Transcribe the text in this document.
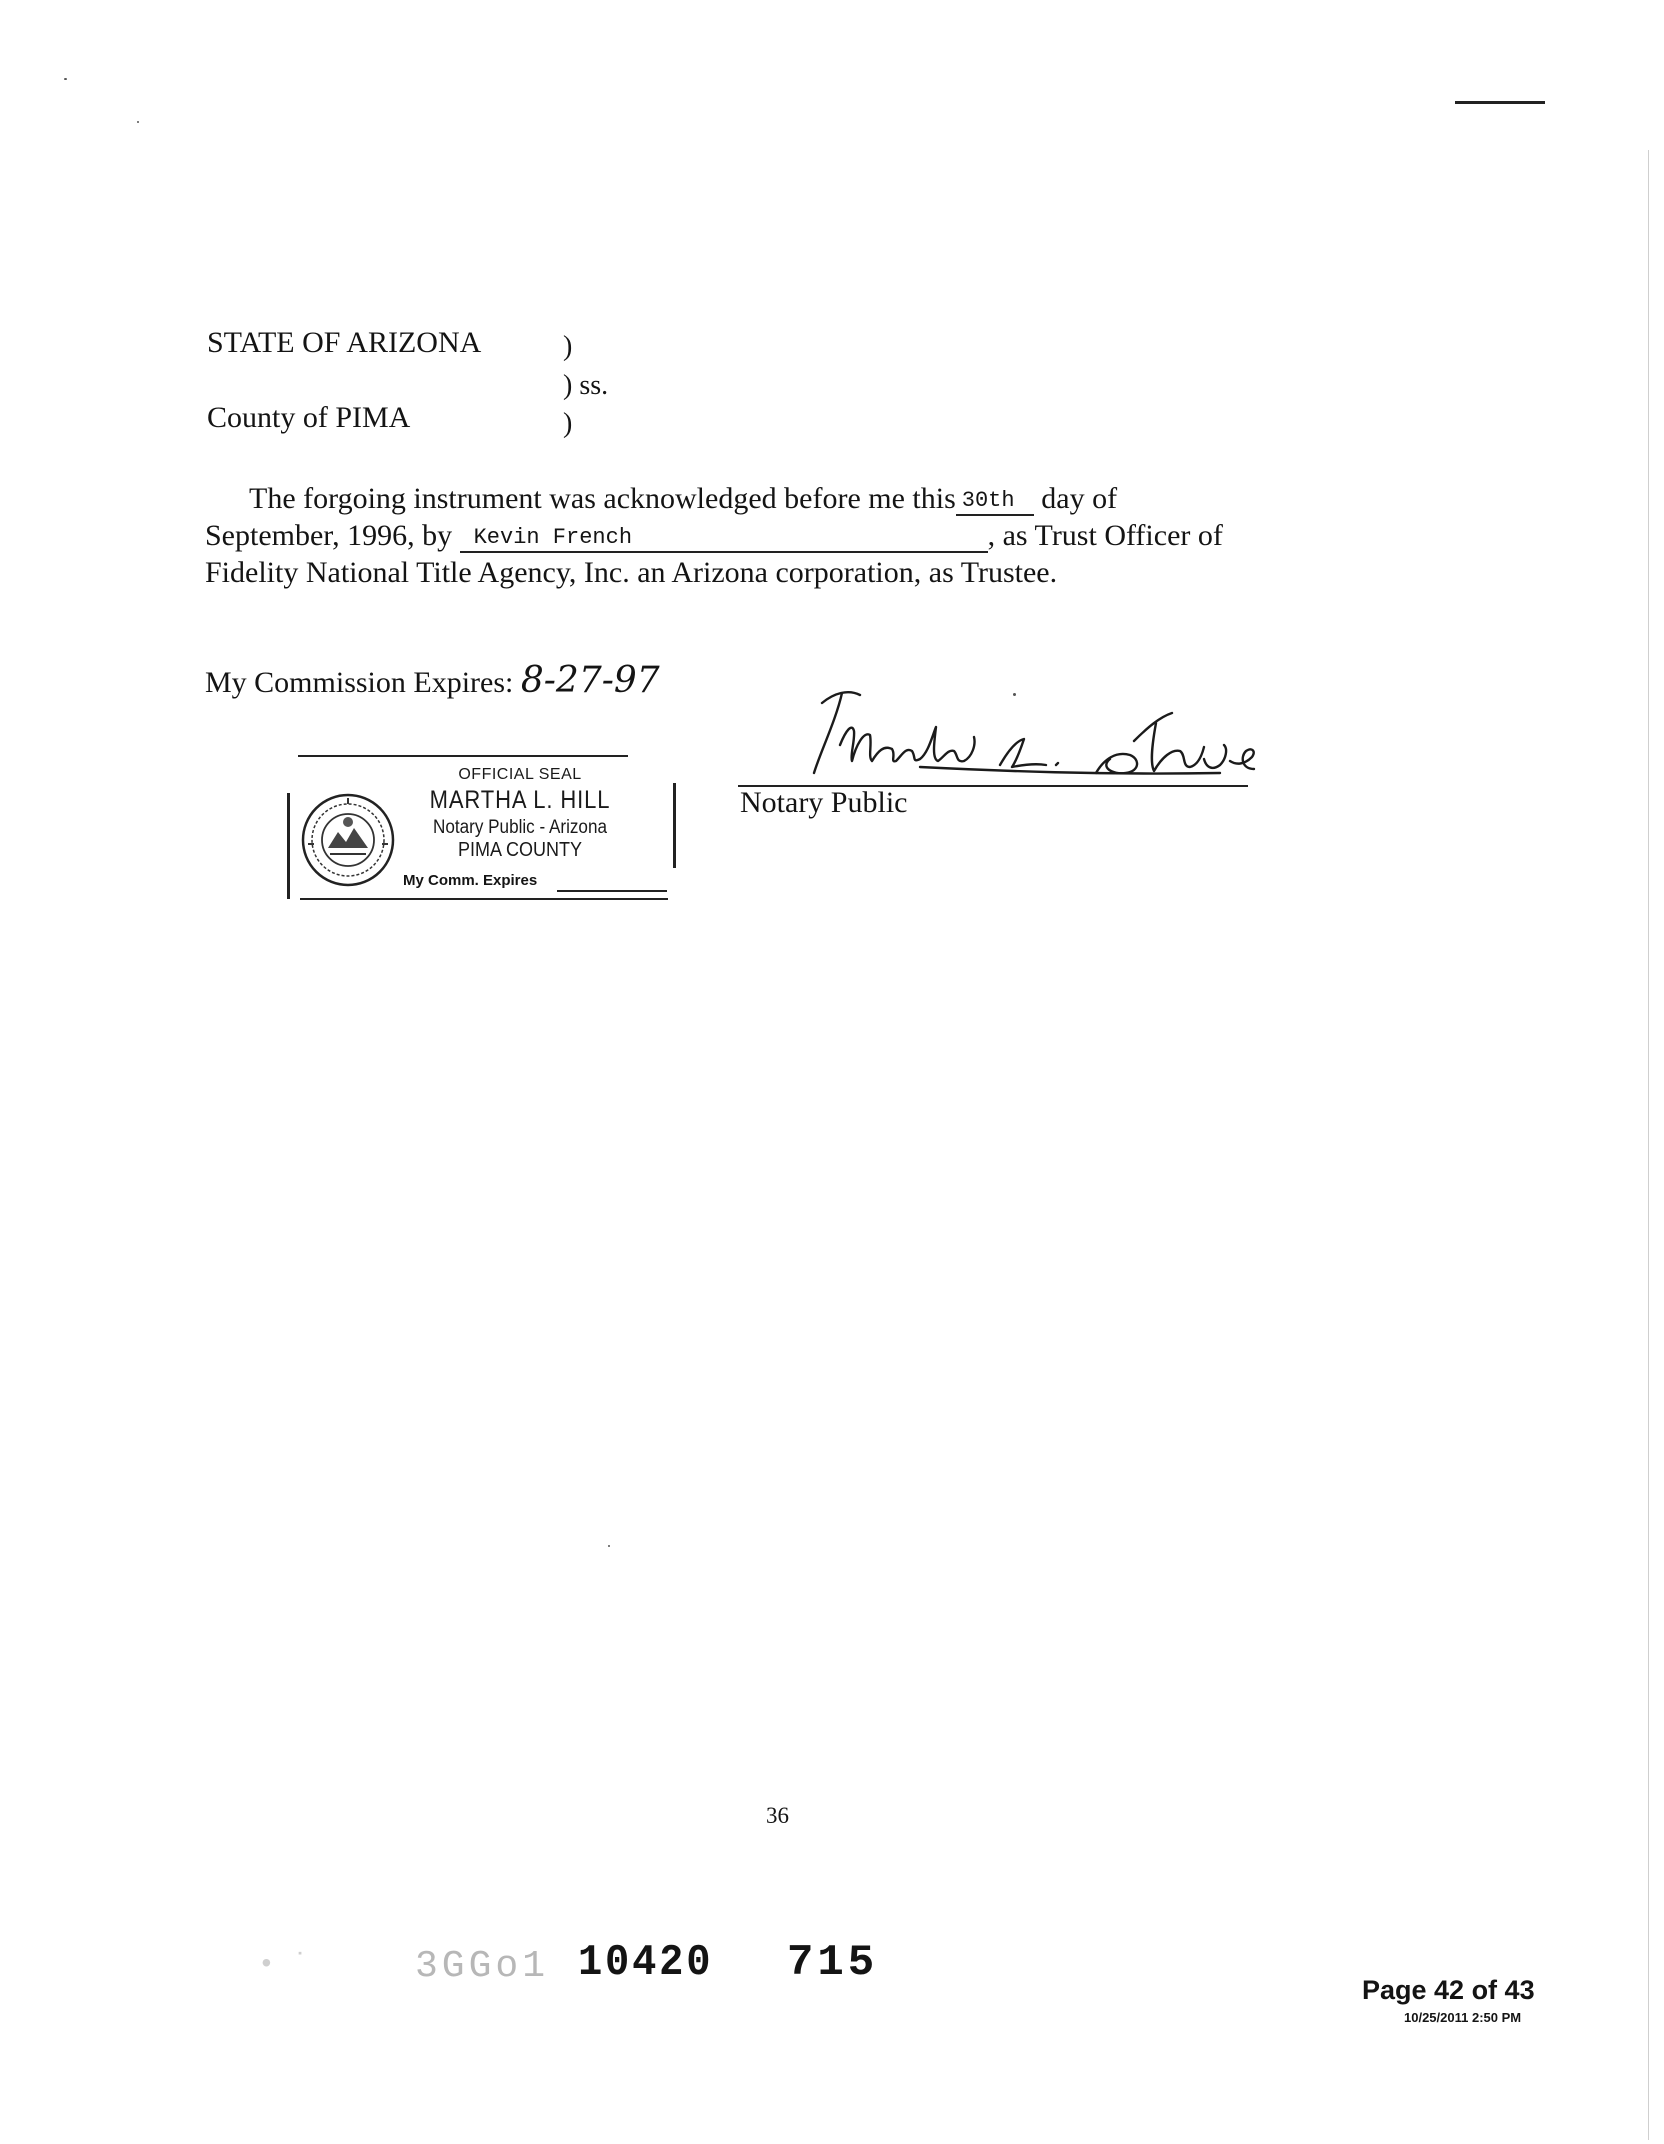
STATE OF ARIZONA
County of PIMA
)
) ss.
)

The forgoing instrument was acknowledged before me this 30th day of

September, 1996, by Kevin French	, as Trust Officer of

Fidelity National Title Agency, Inc. an Arizona corporation, as Trustee.

My Commission Expires: 8-27-97
Notary Public
OFFICIAL SEAL
MARTHA L. HILL
Notary Public - Arizona
PIMA COUNTY
My Comm. Expires
36
• ˙	3GGo1 10420 715
Page 42 of 43
10/25/2011 2:50 PM
